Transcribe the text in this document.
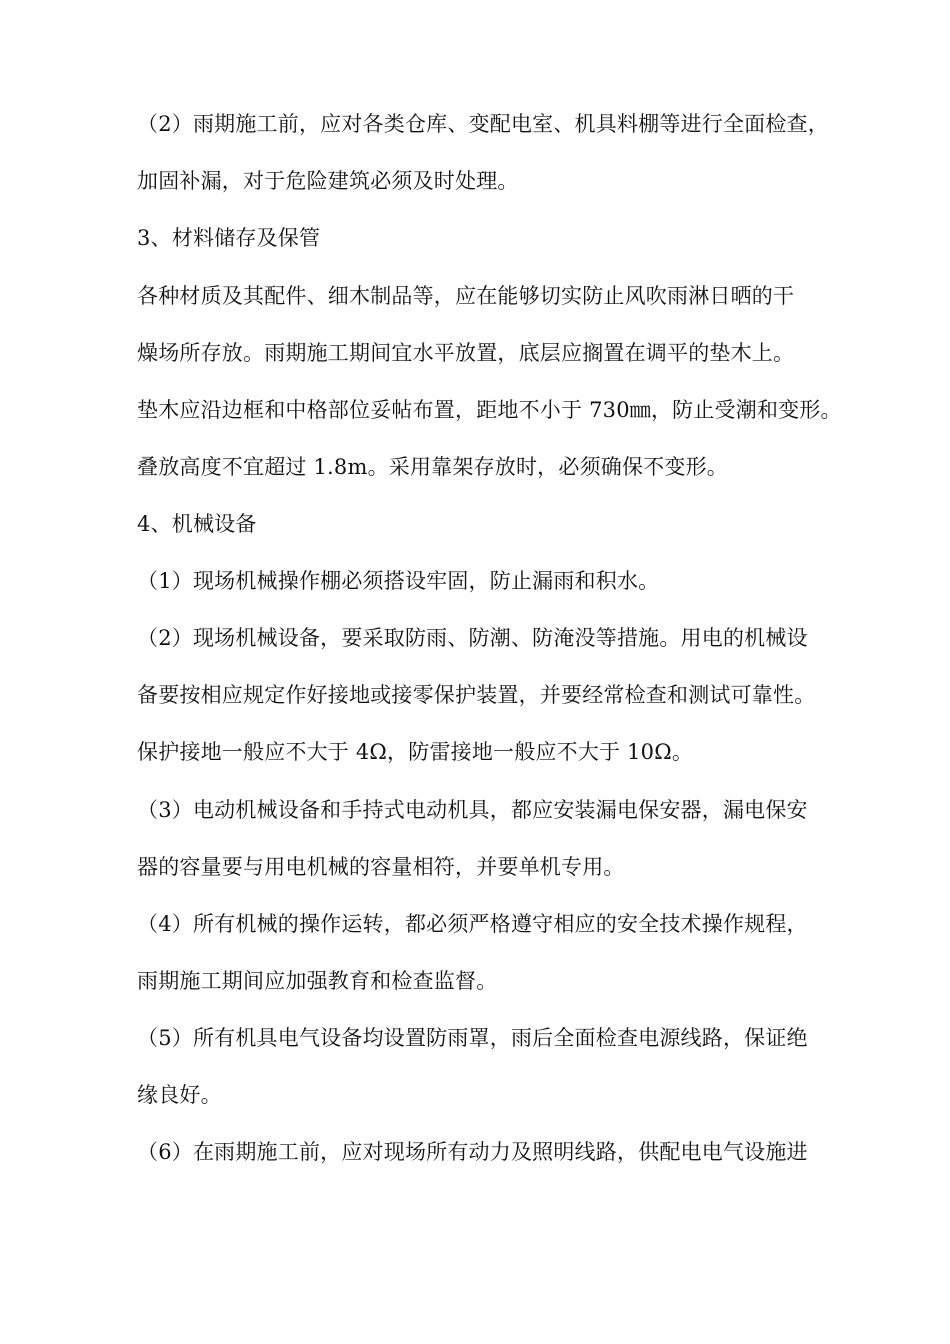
（2）雨期施工前，应对各类仓库、变配电室、机具料棚等进行全面检查，
加固补漏，对于危险建筑必须及时处理。
3、材料储存及保管
各种材质及其配件、细木制品等，应在能够切实防止风吹雨淋日晒的干
燥场所存放。雨期施工期间宜水平放置，底层应搁置在调平的垫木上。
垫木应沿边框和中格部位妥帖布置，距地不小于 730㎜，防止受潮和变形。
叠放高度不宜超过 1.8m。采用靠架存放时，必须确保不变形。
4、机械设备
（1）现场机械操作棚必须搭设牢固，防止漏雨和积水。
（2）现场机械设备，要采取防雨、防潮、防淹没等措施。用电的机械设
备要按相应规定作好接地或接零保护装置，并要经常检查和测试可靠性。
保护接地一般应不大于 4Ω，防雷接地一般应不大于 10Ω。
（3）电动机械设备和手持式电动机具，都应安装漏电保安器，漏电保安
器的容量要与用电机械的容量相符，并要单机专用。
（4）所有机械的操作运转，都必须严格遵守相应的安全技术操作规程，
雨期施工期间应加强教育和检查监督。
（5）所有机具电气设备均设置防雨罩，雨后全面检查电源线路，保证绝
缘良好。
（6）在雨期施工前，应对现场所有动力及照明线路，供配电电气设施进
